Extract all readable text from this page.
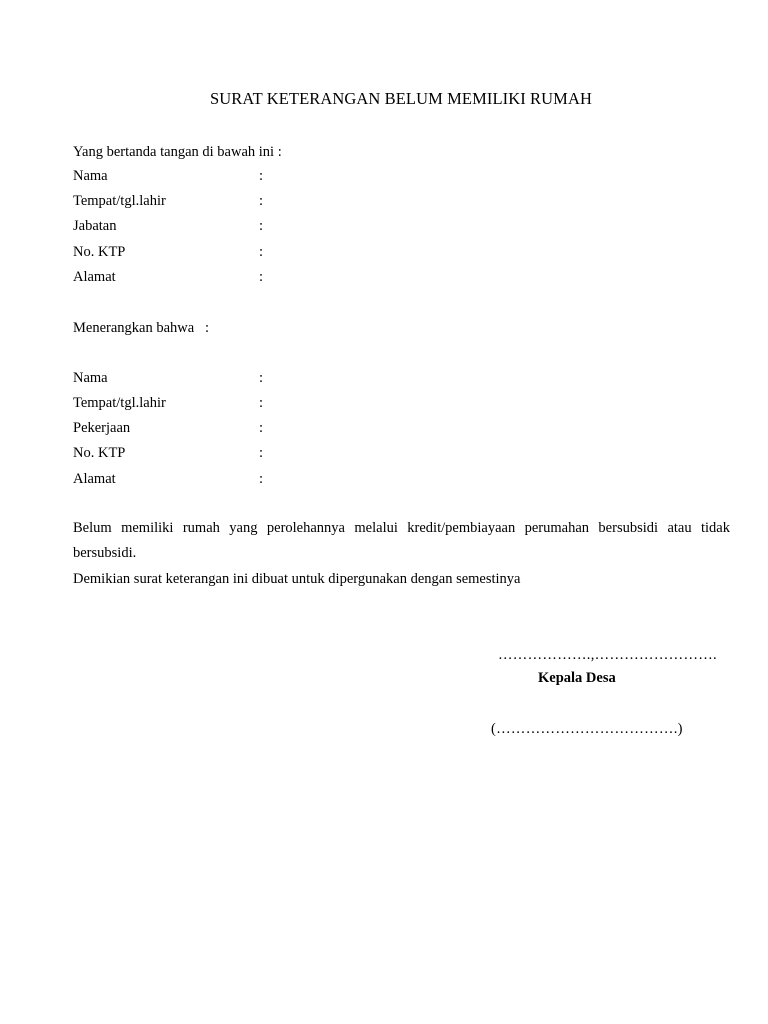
SURAT KETERANGAN BELUM MEMILIKI RUMAH
Yang bertanda tangan di bawah ini :
Nama	:
Tempat/tgl.lahir	:
Jabatan	:
No. KTP	:
Alamat	:
Menerangkan bahwa   :
Nama	:
Tempat/tgl.lahir	:
Pekerjaan	:
No. KTP	:
Alamat	:
Belum memiliki rumah yang perolehannya melalui kredit/pembiayaan perumahan bersubsidi atau tidak bersubsidi.
Demikian surat keterangan ini dibuat untuk dipergunakan dengan semestinya
……………….,…………………….
Kepala Desa
(……………………………….)
